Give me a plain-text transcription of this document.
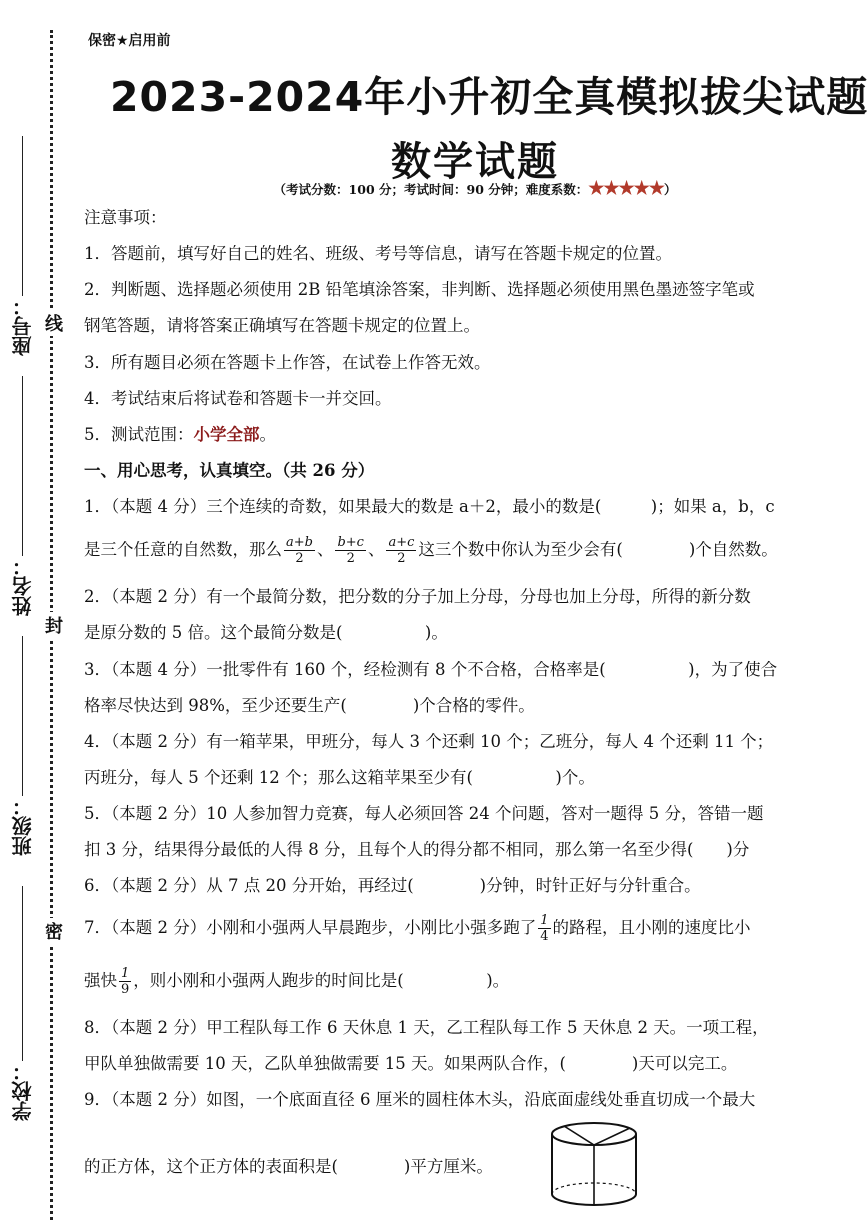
座号：
姓名：
班级：
学校：
线
封
密
保密★启用前
2023-2024年小升初全真模拟拔尖试题
数学试题
（考试分数：100 分；考试时间：90 分钟；难度系数：★★★★★）
注意事项：
1．答题前，填写好自己的姓名、班级、考号等信息，请写在答题卡规定的位置。
2．判断题、选择题必须使用 2B 铅笔填涂答案，非判断、选择题必须使用黑色墨迹签字笔或
钢笔答题，请将答案正确填写在答题卡规定的位置上。
3．所有题目必须在答题卡上作答，在试卷上作答无效。
4．考试结束后将试卷和答题卡一并交回。
5．测试范围：小学全部。
一、用心思考，认真填空。（共 26 分）
1．（本题 4 分）三个连续的奇数，如果最大的数是 a＋2，最小的数是(　　　)；如果 a，b，c
是三个任意的自然数，那么 $\frac{a+b}{2}$ 、 $\frac{b+c}{2}$ 、 $\frac{a+c}{2}$ 这三个数中你认为至少会有(　　　　)个自然数。
2．（本题 2 分）有一个最简分数，把分数的分子加上分母，分母也加上分母，所得的新分数
是原分数的 5 倍。这个最简分数是(　　　　　)。
3．（本题 4 分）一批零件有 160 个，经检测有 8 个不合格，合格率是(　　　　　)，为了使合
格率尽快达到 98%，至少还要生产(　　　　)个合格的零件。
4．（本题 2 分）有一箱苹果，甲班分，每人 3 个还剩 10 个；乙班分，每人 4 个还剩 11 个；
丙班分，每人 5 个还剩 12 个；那么这箱苹果至少有(　　　　　)个。
5．（本题 2 分）10 人参加智力竞赛，每人必须回答 24 个问题，答对一题得 5 分，答错一题
扣 3 分，结果得分最低的人得 8 分，且每个人的得分都不相同，那么第一名至少得(　　)分
6．（本题 2 分）从 7 点 20 分开始，再经过(　　　　)分钟，时针正好与分针重合。
7．（本题 2 分）小刚和小强两人早晨跑步，小刚比小强多跑了 $\frac{1}{4}$ 的路程，且小刚的速度比小
强快 $\frac{1}{9}$ ，则小刚和小强两人跑步的时间比是(　　　　　)。
8．（本题 2 分）甲工程队每工作 6 天休息 1 天，乙工程队每工作 5 天休息 2 天。一项工程，
甲队单独做需要 10 天，乙队单独做需要 15 天。如果两队合作，(　　　　)天可以完工。
9．（本题 2 分）如图，一个底面直径 6 厘米的圆柱体木头，沿底面虚线处垂直切成一个最大
的正方体，这个正方体的表面积是(　　　　)平方厘米。
